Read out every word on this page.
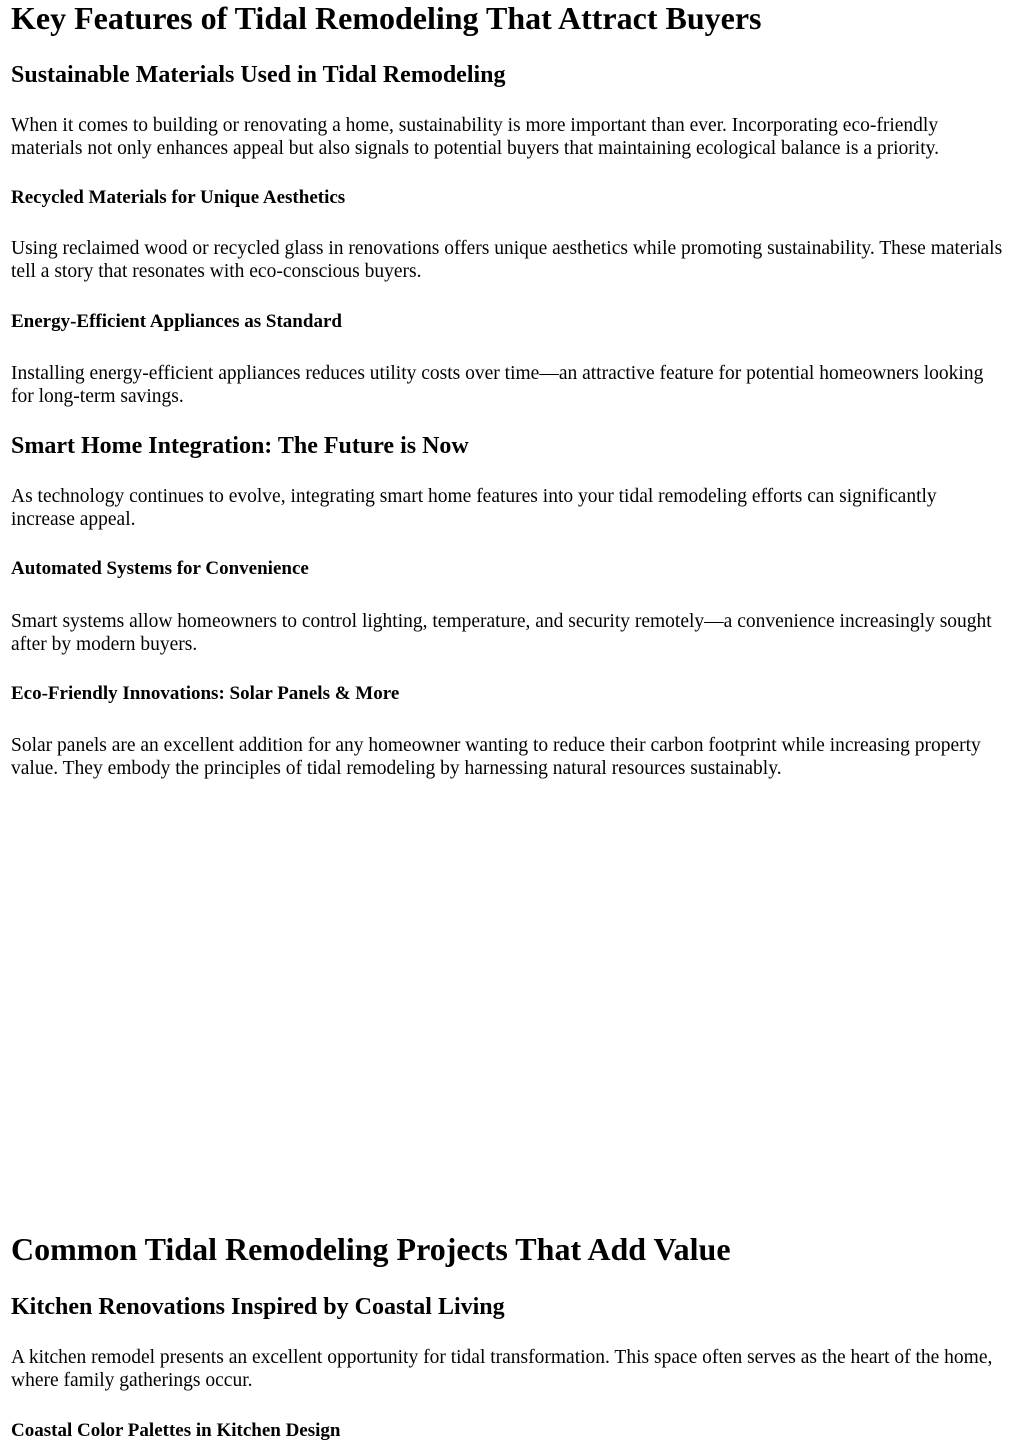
Key Features of Tidal Remodeling That Attract Buyers
Sustainable Materials Used in Tidal Remodeling

When it comes to building or renovating a home, sustainability is more important than ever. Incorporating eco-friendly materials not only enhances appeal but also signals to potential buyers that maintaining ecological balance is a priority.

Recycled Materials for Unique Aesthetics

Using reclaimed wood or recycled glass in renovations offers unique aesthetics while promoting sustainability. These materials tell a story that resonates with eco-conscious buyers.

Energy-Efficient Appliances as Standard

Installing energy-efficient appliances reduces utility costs over time—an attractive feature for potential homeowners looking for long-term savings.

Smart Home Integration: The Future is Now

As technology continues to evolve, integrating smart home features into your tidal remodeling efforts can significantly increase appeal.

Automated Systems for Convenience

Smart systems allow homeowners to control lighting, temperature, and security remotely—a convenience increasingly sought after by modern buyers.

Eco-Friendly Innovations: Solar Panels & More

Solar panels are an excellent addition for any homeowner wanting to reduce their carbon footprint while increasing property value. They embody the principles of tidal remodeling by harnessing natural resources sustainably.

Common Tidal Remodeling Projects That Add Value
Kitchen Renovations Inspired by Coastal Living

A kitchen remodel presents an excellent opportunity for tidal transformation. This space often serves as the heart of the home, where family gatherings occur.

Coastal Color Palettes in Kitchen Design
